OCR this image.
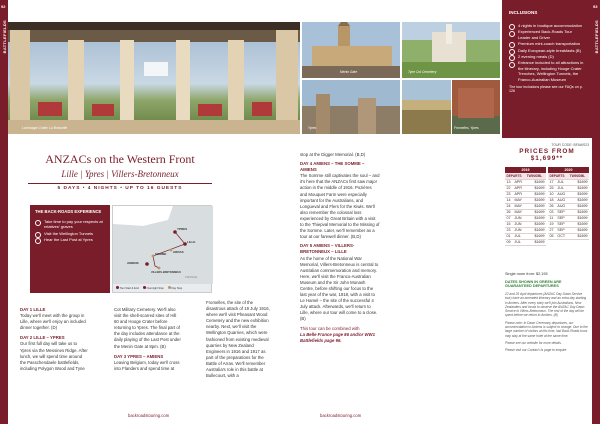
92
BATTLEFIELDS
93
BATTLEFIELDS
Lochnagar Crater, La Boisselle
Menin Gate	Tyne Cot Cemetery
Ypres	Fromelles, Ypres
ANZACs on the Western Front
Lille | Ypres | Villers-Bretonneux
5 DAYS • 4 NIGHTS • UP TO 16 GUESTS
THE BACK-ROADS EXPERIENCE
Take time to pay your respects at relatives' graves
Visit the Wellington Tunnels
Hear the Last Post at Ypres
YPRES
LILLE
ARRAS
SOMME
AMIENS
VILLERS-BRETONNEUX
FRANCE
Tour Start & End	Overnight Stop	Day Stop
DAY 1 LILLE
Today we'll meet with the group in Lille, where we'll enjoy an included dinner together. (D)
DAY 2 LILLE – YPRES
Our first full day will take us to Ypres via the Messines Ridge. After lunch, we will spend time around the Passchendaele battlefields, including Polygon Wood and Tyne
Cot Military Cemetery. We'll also visit the shell-scarred sites of Hill 60 and Hooge Crater before returning to Ypres. The final part of the day includes attendance at the daily playing of the Last Post under the Menin Gate at 8pm. (B)
DAY 3 YPRES – AMIENS
Leaving Belgium, today we'll cross into Flanders and spend time at
Fromelles, the site of the disastrous attack of 19 July 1916, where we'll visit Pheasant Wood Cemetery and the new exhibition nearby. Next, we'll visit the Wellington Quarries, which were fashioned from existing medieval quarries by New Zealand Engineers in 1916 and 1917 as part of the preparations for the Battle of Arras. We'll remember Australia's role in this battle at Bullecourt, with a
stop at the Digger Memorial. (B,D)
DAY 4 AMIENS – THE SOMME – AMIENS
The Somme still captivates the soul – and it's here that the ANZACs first saw major action in the middle of 1916. Pozières and Mouquet Farm were especially important for the Australians, and Longueval and Flers for the Kiwis. We'll also remember the colossal loss experienced by Great Britain with a visit to the Thiepval Memorial to the Missing of the Somme. Later, we'll remember as a tour at our farewell dinner. (B,D)
DAY 5 AMIENS – VILLERS-BRETONNEUX – LILLE
As the home of the National War Memorial, Villers-Bretonneux is central to Australian commemoration and memory. Here, we'll visit the Franco-Australian Museum and the Sir John Monash Centre, before shifting our focus to the last year of the war, 1918, with a visit to Le Hamel – the site of the successful 4 July attack. Afterwards, we'll return to Lille, where our tour will come to a close. (B)
This tour can be combined with
La Belle France page 86 and/or WW1 Battlefields page 96.
backroadstouring.com	backroadstouring.com
INCLUSIONS
4 nights in boutique accommodation
Experienced Back-Roads Tour Leader and Driver
Premium mini-coach transportation
Daily European-style breakfasts (B)
2 evening meals (D)
Entrance included to all attractions in the itinerary, including Hooge Crater Trenches, Wellington Tunnels, the Franco-Australian Museum
The tour inclusions please see our FAQs on p. 126
TOUR CODE: BFAWS23
PRICES FROM
$1,699**
2019		
DEPARTS		TWIN/DBL
13	APR	$1699
22	APR	$1699
23	APR	$1699
14	MAY	$1699
24	MAY	$1699
26	MAY	$1699
07	JUN	$1699
15	JUN	$1699
23	JUN	$1699
01	JUL	$1699
09	JUL	$1699
2020		
DEPARTS		TWIN/DBL
17	JUL	$1699
25	JUL	$1699
10	AUG	$1699
18	AUG	$1699
26	AUG	$1699
03	SEP	$1699
11	SEP	$1699
19	SEP	$1699
27	SEP	$1699
05	OCT	$1699
Single room from: $2,195
DATES SHOWN IN GREEN ARE GUARANTEED DEPARTURES
22 and 25 April departures (ANZAC Day Dawn Service tour) have an amended itinerary and an extra day starting in Amiens. After every early we'll join Australians, New Zealanders and locals to observe the ANZAC Day Dawn Service in Villers-Bretonneux. The rest of the day will be spent before we return to Amiens. (B)
Please note: In Dawn Ceremony departures, our accommodation in Amiens is subject to change. Due to the large number of visitors at this time, last Back-Roads tours may stay at the same hotel at the same time.
Please see our website for more details.
Please visit our Contact Us page to enquire.
